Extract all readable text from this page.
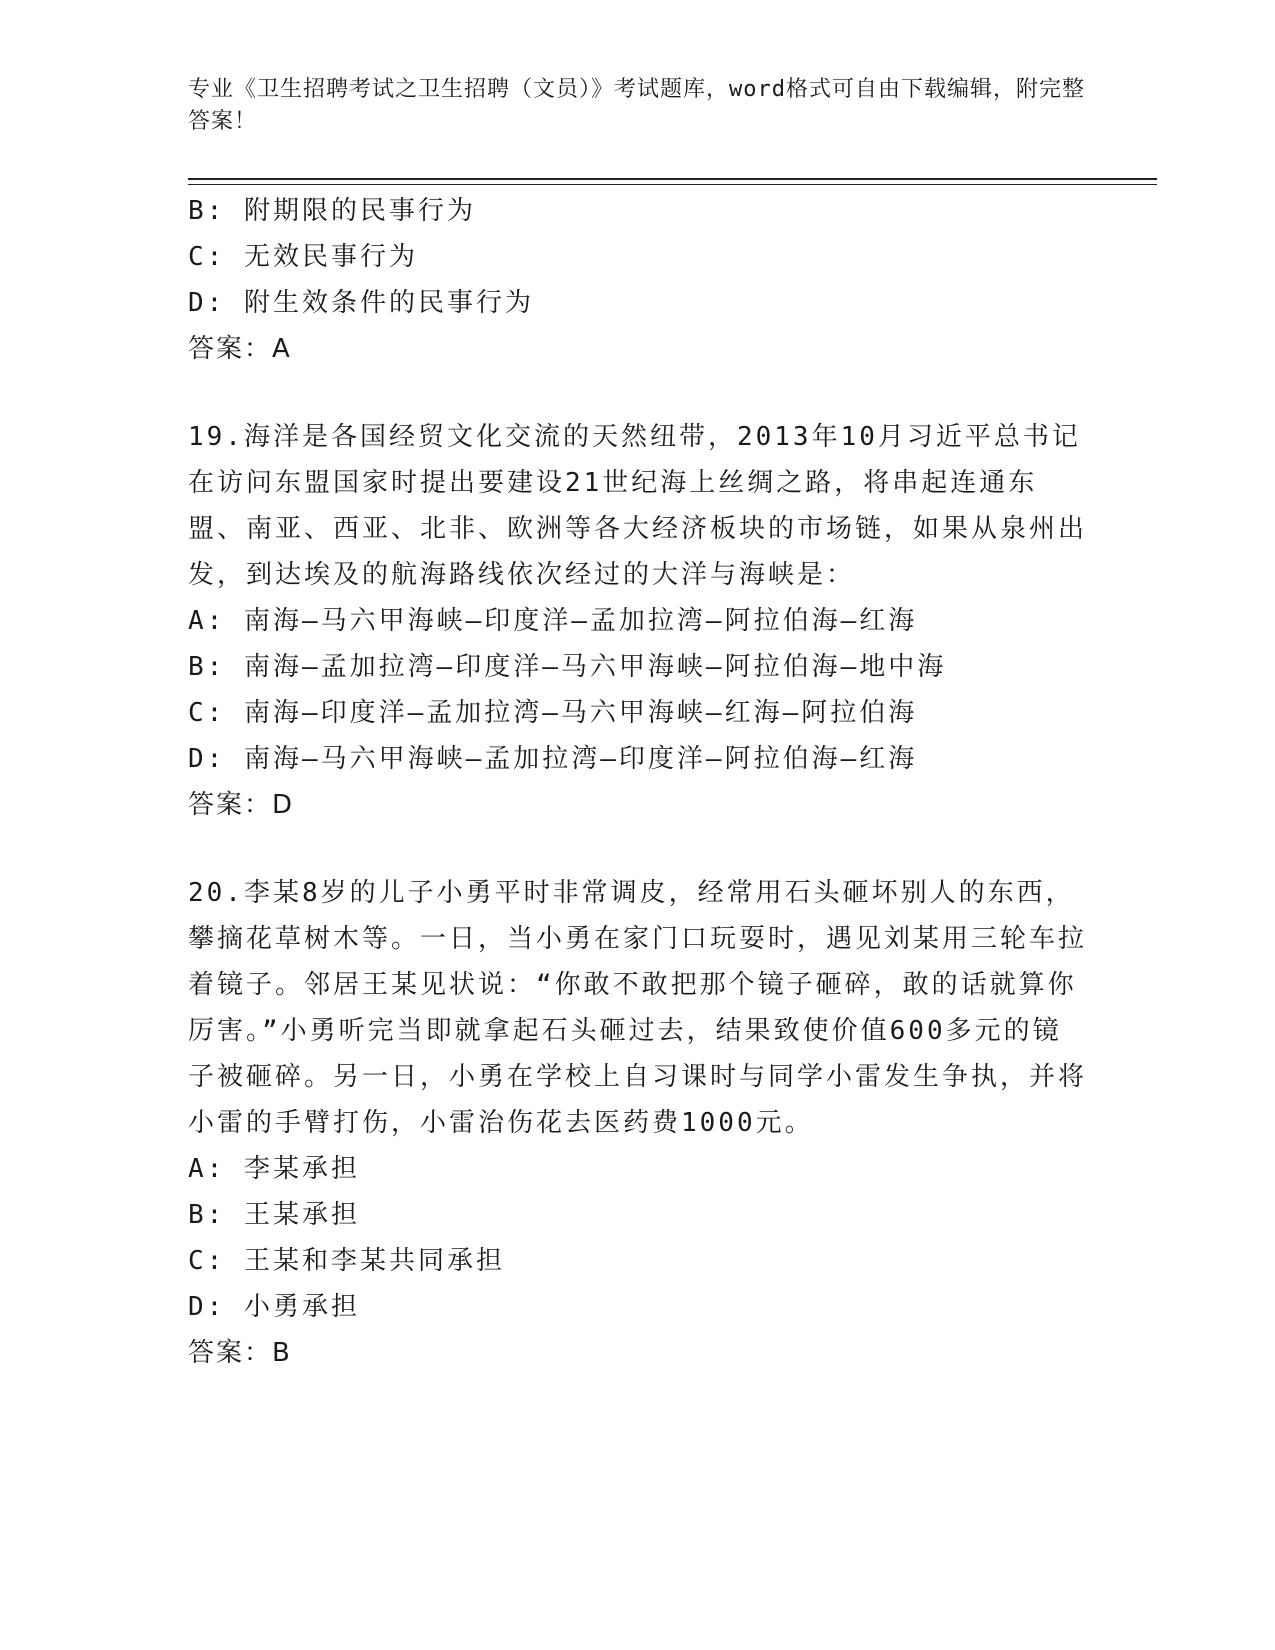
专业《卫生招聘考试之卫生招聘（文员）》考试题库，word格式可自由下载编辑，附完整答案！
B: 附期限的民事行为
C: 无效民事行为
D: 附生效条件的民事行为
答案：A
19.海洋是各国经贸文化交流的天然纽带，2013年10月习近平总书记在访问东盟国家时提出要建设21世纪海上丝绸之路，将串起连通东盟、南亚、西亚、北非、欧洲等各大经济板块的市场链，如果从泉州出发，到达埃及的航海路线依次经过的大洋与海峡是：
A: 南海—马六甲海峡—印度洋—孟加拉湾—阿拉伯海—红海
B: 南海—孟加拉湾—印度洋—马六甲海峡—阿拉伯海—地中海
C: 南海—印度洋—孟加拉湾—马六甲海峡—红海—阿拉伯海
D: 南海—马六甲海峡—孟加拉湾—印度洋—阿拉伯海—红海
答案：D
20.李某8岁的儿子小勇平时非常调皮，经常用石头砸坏别人的东西，攀摘花草树木等。一日，当小勇在家门口玩耍时，遇见刘某用三轮车拉着镜子。邻居王某见状说：“你敢不敢把那个镜子砸碎，敢的话就算你厉害。”小勇听完当即就拿起石头砸过去，结果致使价值600多元的镜子被砸碎。另一日，小勇在学校上自习课时与同学小雷发生争执，并将小雷的手臂打伤，小雷治伤花去医药费1000元。
A: 李某承担
B: 王某承担
C: 王某和李某共同承担
D: 小勇承担
答案：B
